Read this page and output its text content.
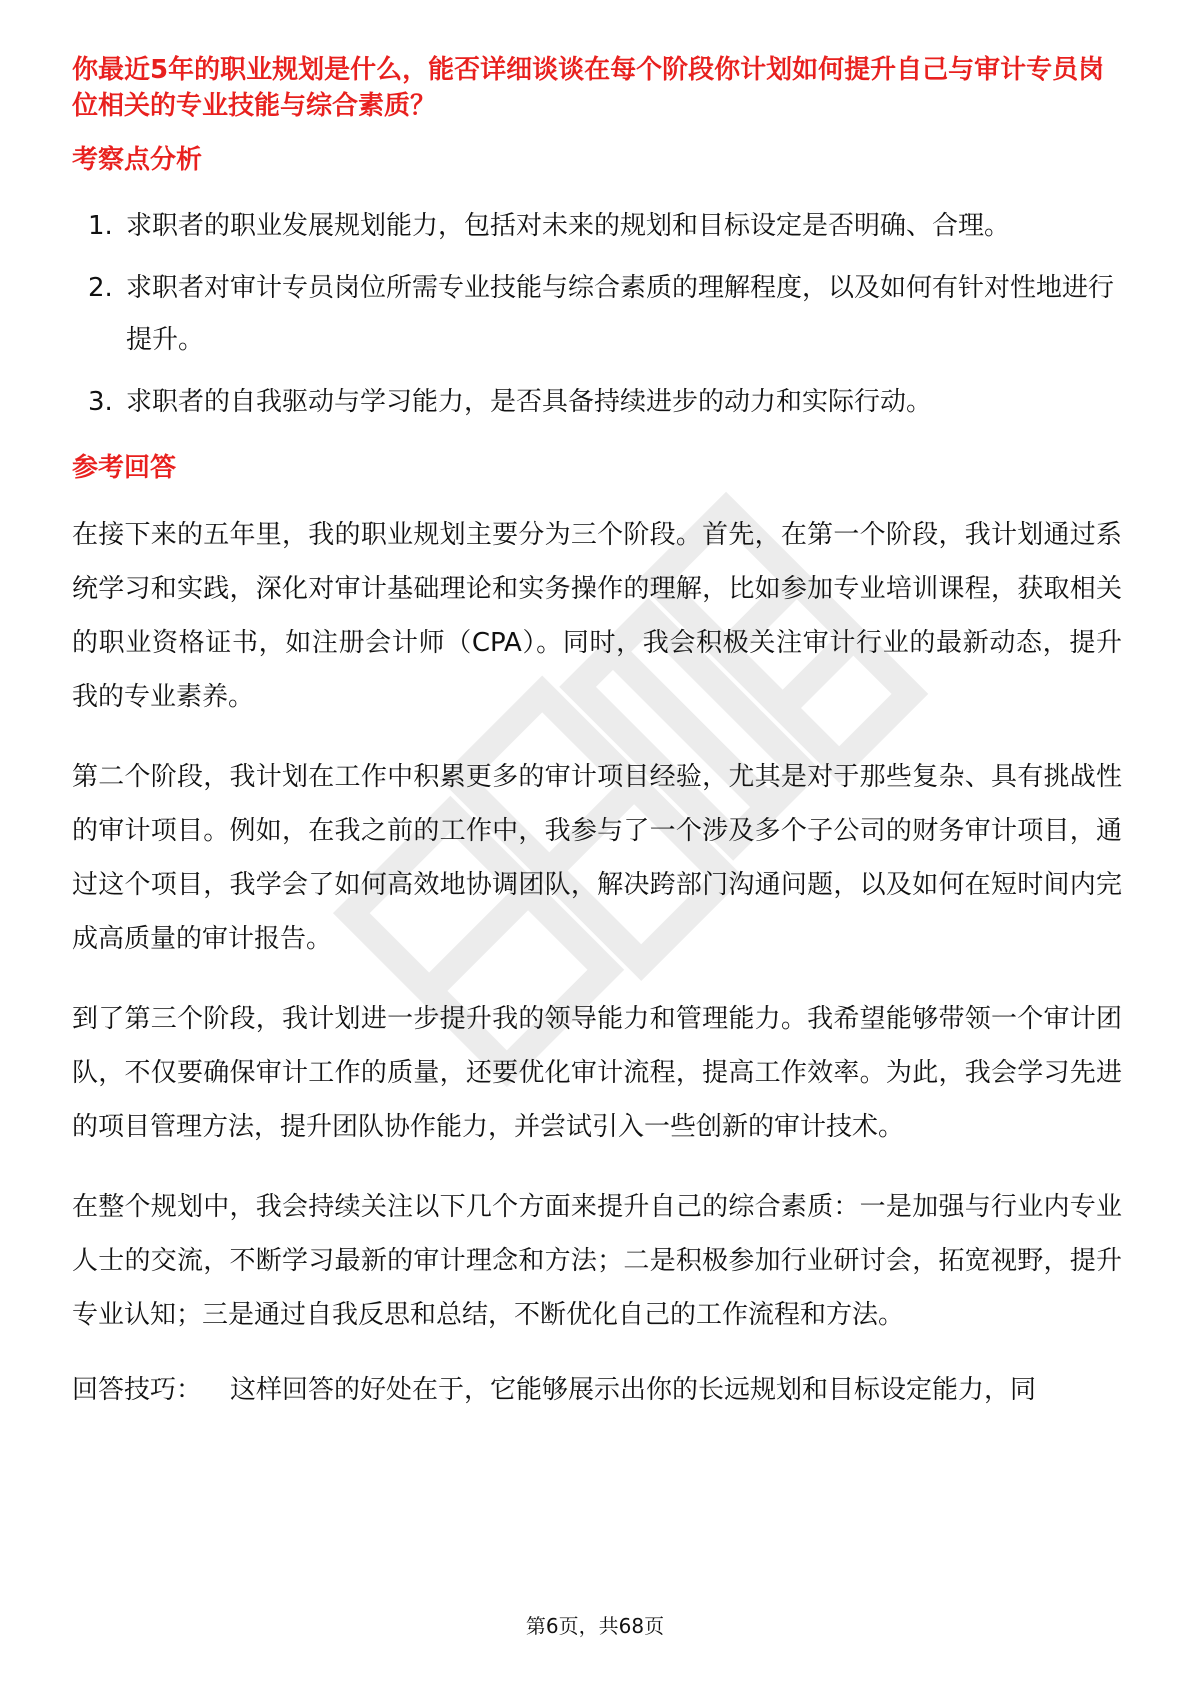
你最近5年的职业规划是什么，能否详细谈谈在每个阶段你计划如何提升自己与审计专员岗位相关的专业技能与综合素质？
考察点分析
1. 求职者的职业发展规划能力，包括对未来的规划和目标设定是否明确、合理。
2. 求职者对审计专员岗位所需专业技能与综合素质的理解程度，以及如何有针对性地进行提升。
3. 求职者的自我驱动与学习能力，是否具备持续进步的动力和实际行动。
参考回答

在接下来的五年里，我的职业规划主要分为三个阶段。首先，在第一个阶段，我计划通过系统学习和实践，深化对审计基础理论和实务操作的理解，比如参加专业培训课程，获取相关的职业资格证书，如注册会计师（CPA）。同时，我会积极关注审计行业的最新动态，提升我的专业素养。

第二个阶段，我计划在工作中积累更多的审计项目经验，尤其是对于那些复杂、具有挑战性的审计项目。例如，在我之前的工作中，我参与了一个涉及多个子公司的财务审计项目，通过这个项目，我学会了如何高效地协调团队，解决跨部门沟通问题，以及如何在短时间内完成高质量的审计报告。

到了第三个阶段，我计划进一步提升我的领导能力和管理能力。我希望能够带领一个审计团队，不仅要确保审计工作的质量，还要优化审计流程，提高工作效率。为此，我会学习先进的项目管理方法，提升团队协作能力，并尝试引入一些创新的审计技术。

在整个规划中，我会持续关注以下几个方面来提升自己的综合素质：一是加强与行业内专业人士的交流，不断学习最新的审计理念和方法；二是积极参加行业研讨会，拓宽视野，提升专业认知；三是通过自我反思和总结，不断优化自己的工作流程和方法。

回答技巧： 这样回答的好处在于，它能够展示出你的长远规划和目标设定能力，同

第6页，共68页
